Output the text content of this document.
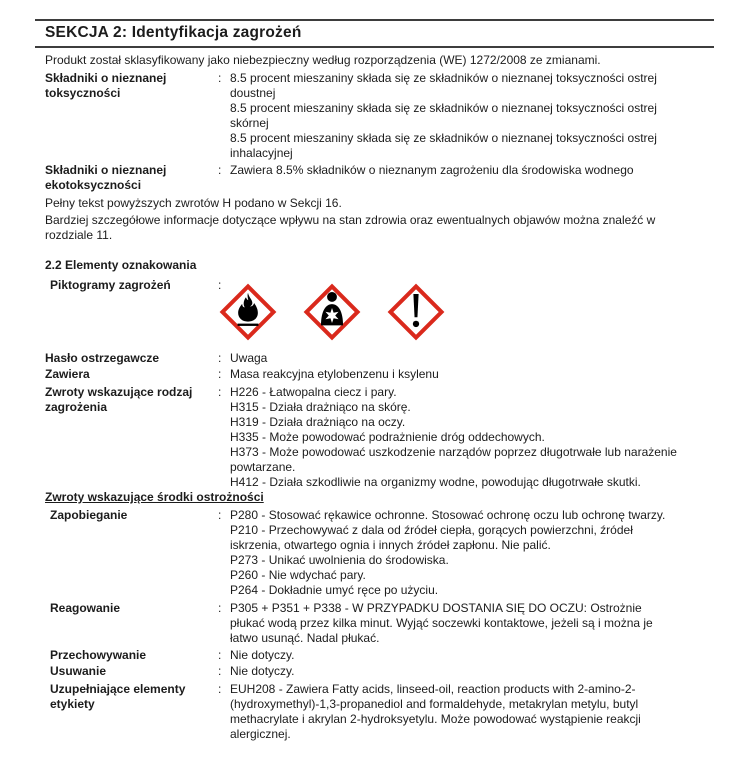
SEKCJA 2: Identyfikacja zagrożeń
Produkt został sklasyfikowany jako niebezpieczny według rozporządzenia (WE) 1272/2008 ze zmianami.
Składniki o nieznanej toksyczności
: 8.5 procent mieszaniny składa się ze składników o nieznanej toksyczności ostrej
doustnej
8.5 procent mieszaniny składa się ze składników o nieznanej toksyczności ostrej
skórnej
8.5 procent mieszaniny składa się ze składników o nieznanej toksyczności ostrej
inhalacyjnej
Składniki o nieznanej ekotoksyczności
: Zawiera 8.5% składników o nieznanym zagrożeniu dla środowiska wodnego
Pełny tekst powyższych zwrotów H podano w Sekcji 16.
Bardziej szczegółowe informacje dotyczące wpływu na stan zdrowia oraz ewentualnych objawów można znaleźć w
rozdziale 11.
2.2 Elementy oznakowania
Piktogramy zagrożeń	:
Hasło ostrzegawcze	: Uwaga
Zawiera	: Masa reakcyjna etylobenzenu i ksylenu
Zwroty wskazujące rodzaj zagrożenia
: H226 - Łatwopalna ciecz i pary.
H315 - Działa drażniąco na skórę.
H319 - Działa drażniąco na oczy.
H335 - Może powodować podrażnienie dróg oddechowych.
H373 - Może powodować uszkodzenie narządów poprzez długotrwałe lub narażenie
powtarzane.
H412 - Działa szkodliwie na organizmy wodne, powodując długotrwałe skutki.
Zwroty wskazujące środki ostrożności
Zapobieganie	: P280 - Stosować rękawice ochronne. Stosować ochronę oczu lub ochronę twarzy.
P210 - Przechowywać z dala od źródeł ciepła, gorących powierzchni, źródeł
iskrzenia, otwartego ognia i innych źródeł zapłonu. Nie palić.
P273 - Unikać uwolnienia do środowiska.
P260 - Nie wdychać pary.
P264 - Dokładnie umyć ręce po użyciu.
Reagowanie	: P305 + P351 + P338 - W PRZYPADKU DOSTANIA SIĘ DO OCZU: Ostrożnie
płukać wodą przez kilka minut. Wyjąć soczewki kontaktowe, jeżeli są i można je
łatwo usunąć. Nadal płukać.
Przechowywanie	: Nie dotyczy.
Usuwanie	: Nie dotyczy.
Uzupełniające elementy etykiety
: EUH208 - Zawiera Fatty acids, linseed-oil, reaction products with 2-amino-2-
(hydroxymethyl)-1,3-propanediol and formaldehyde, metakrylan metylu, butyl
methacrylate i akrylan 2-hydroksyetylu. Może powodować wystąpienie reakcji
alergicznej.
